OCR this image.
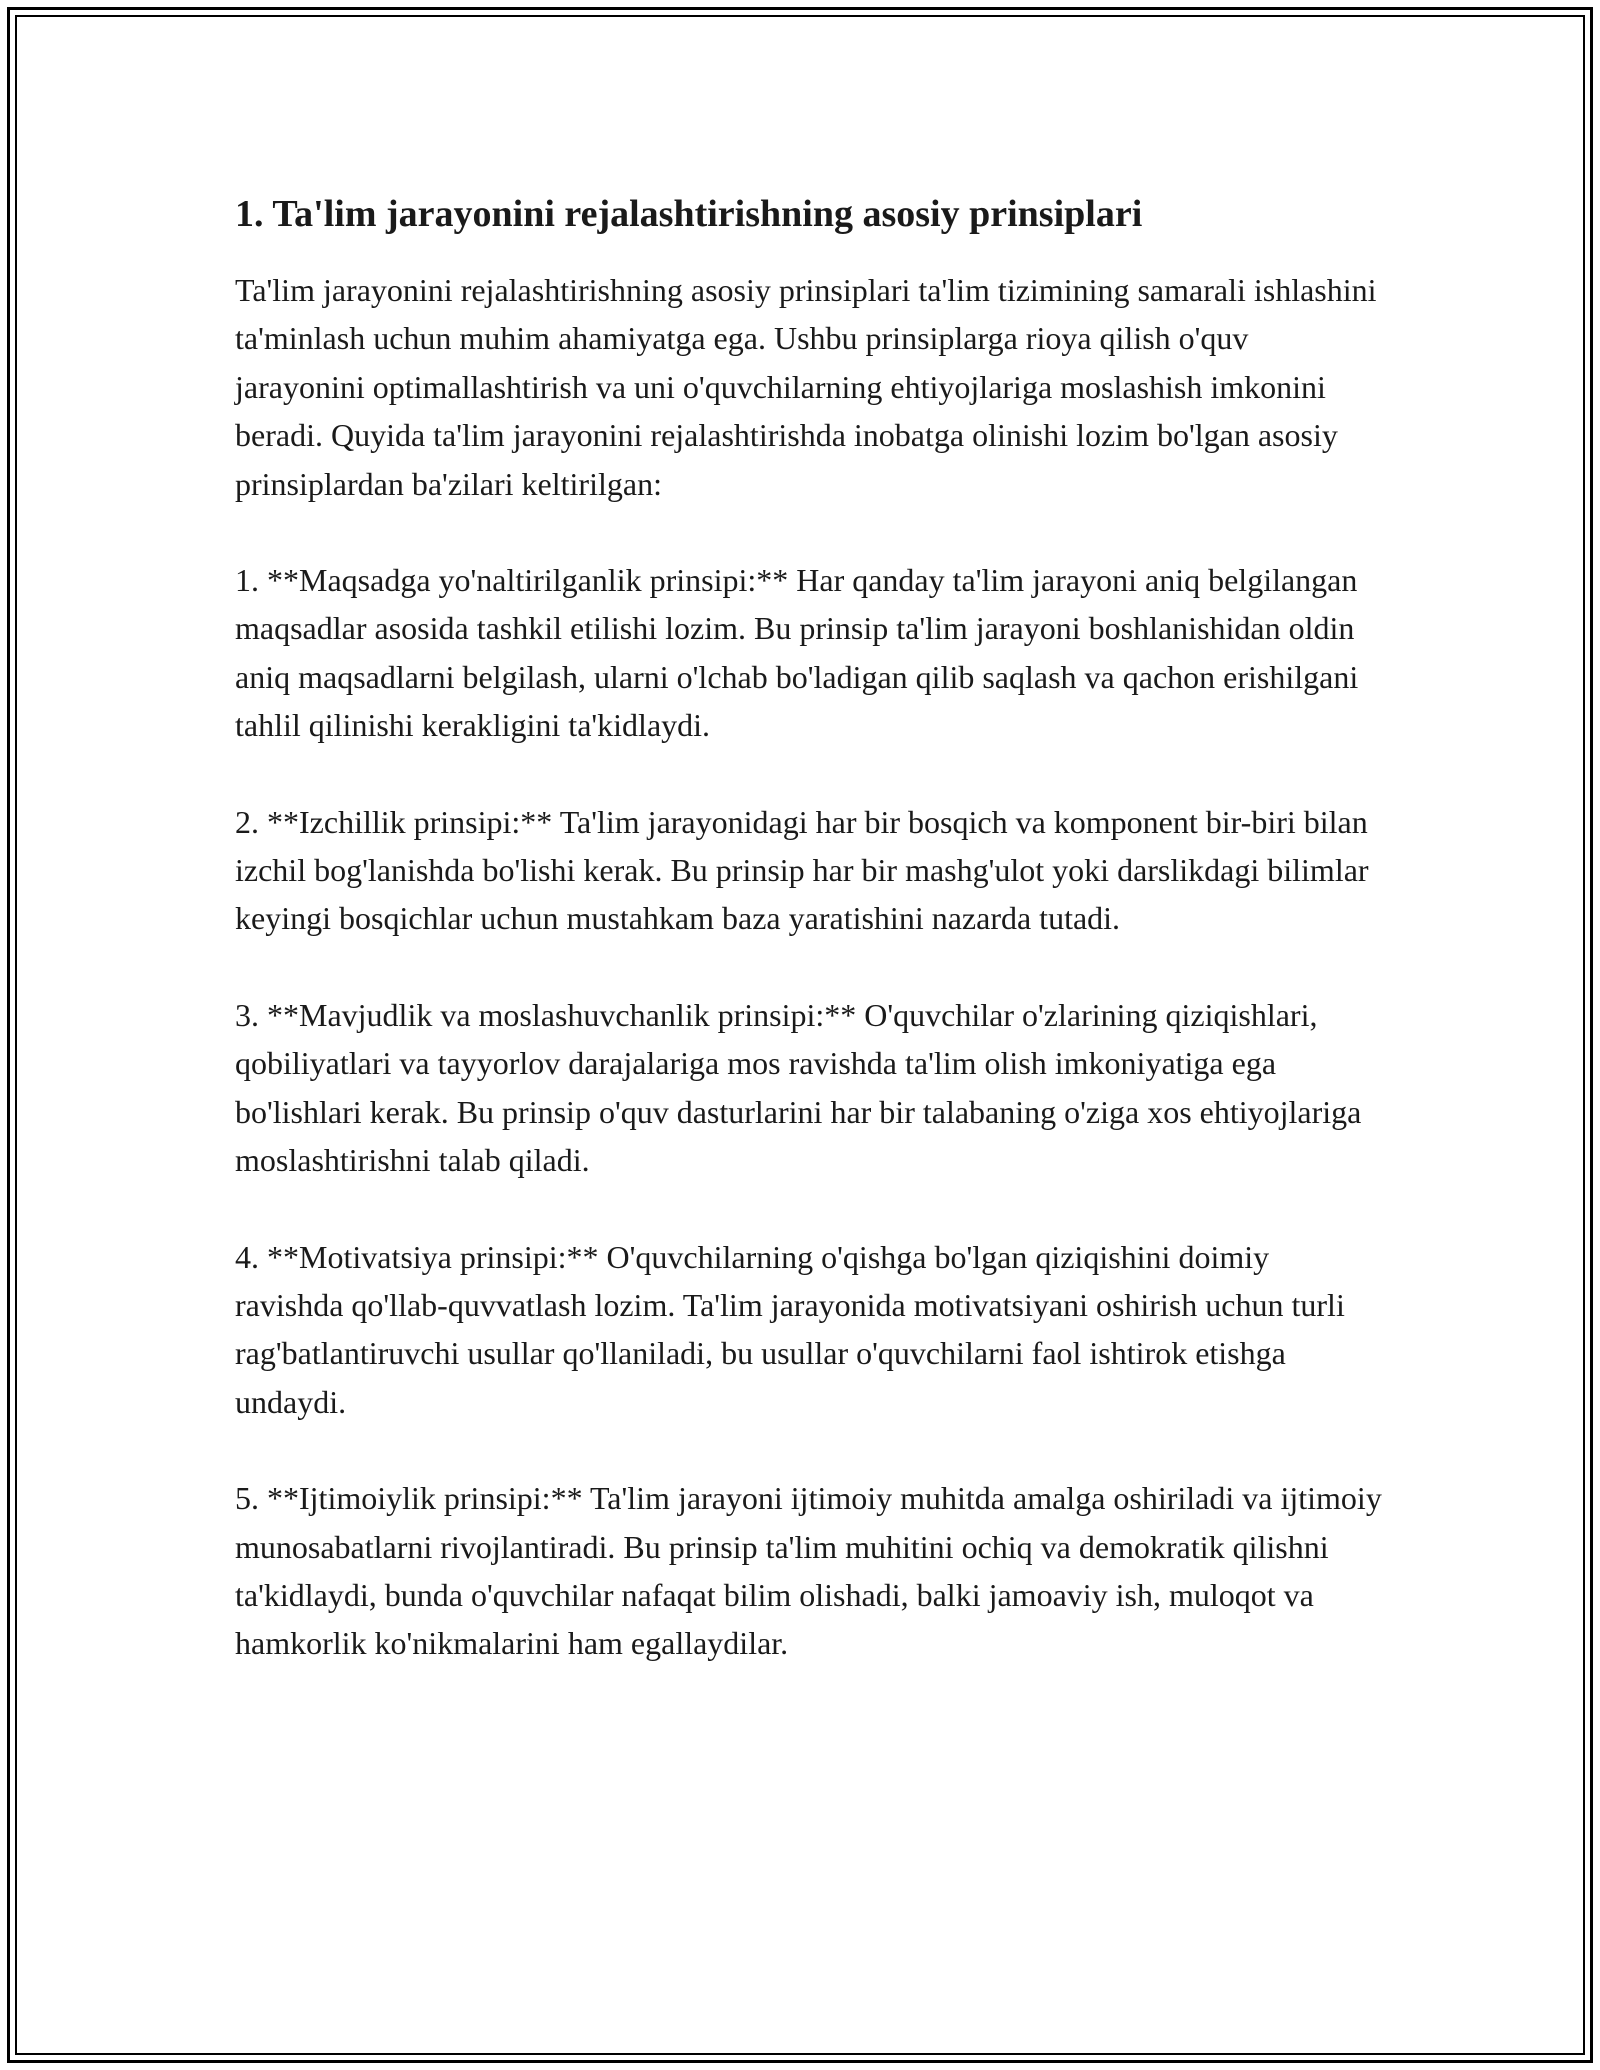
1. Ta'lim jarayonini rejalashtirishning asosiy prinsiplari

Ta'lim jarayonini rejalashtirishning asosiy prinsiplari ta'lim tizimining samarali ishlashini ta'minlash uchun muhim ahamiyatga ega. Ushbu prinsiplarga rioya qilish o'quv jarayonini optimallashtirish va uni o'quvchilarning ehtiyojlariga moslashish imkonini beradi. Quyida ta'lim jarayonini rejalashtirishda inobatga olinishi lozim bo'lgan asosiy prinsiplardan ba'zilari keltirilgan:

1. **Maqsadga yo'naltirilganlik prinsipi:** Har qanday ta'lim jarayoni aniq belgilangan maqsadlar asosida tashkil etilishi lozim. Bu prinsip ta'lim jarayoni boshlanishidan oldin aniq maqsadlarni belgilash, ularni o'lchab bo'ladigan qilib saqlash va qachon erishilgani tahlil qilinishi kerakligini ta'kidlaydi.

2. **Izchillik prinsipi:** Ta'lim jarayonidagi har bir bosqich va komponent bir-biri bilan izchil bog'lanishda bo'lishi kerak. Bu prinsip har bir mashg'ulot yoki darslikdagi bilimlar keyingi bosqichlar uchun mustahkam baza yaratishini nazarda tutadi.

3. **Mavjudlik va moslashuvchanlik prinsipi:** O'quvchilar o'zlarining qiziqishlari, qobiliyatlari va tayyorlov darajalariga mos ravishda ta'lim olish imkoniyatiga ega bo'lishlari kerak. Bu prinsip o'quv dasturlarini har bir talabaning o'ziga xos ehtiyojlariga moslashtirishni talab qiladi.

4. **Motivatsiya prinsipi:** O'quvchilarning o'qishga bo'lgan qiziqishini doimiy ravishda qo'llab-quvvatlash lozim. Ta'lim jarayonida motivatsiyani oshirish uchun turli rag'batlantiruvchi usullar qo'llaniladi, bu usullar o'quvchilarni faol ishtirok etishga undaydi.

5. **Ijtimoiylik prinsipi:** Ta'lim jarayoni ijtimoiy muhitda amalga oshiriladi va ijtimoiy munosabatlarni rivojlantiradi. Bu prinsip ta'lim muhitini ochiq va demokratik qilishni ta'kidlaydi, bunda o'quvchilar nafaqat bilim olishadi, balki jamoaviy ish, muloqot va hamkorlik ko'nikmalarini ham egallaydilar.
